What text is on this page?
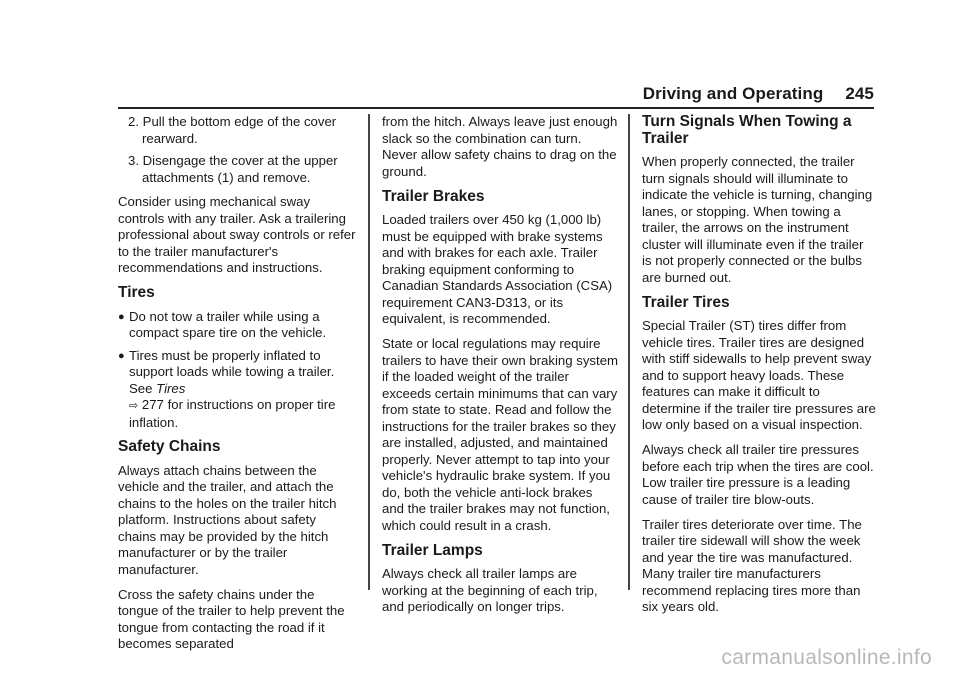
Driving and Operating 245
2. Pull the bottom edge of the cover rearward.
3. Disengage the cover at the upper attachments (1) and remove.

Consider using mechanical sway controls with any trailer. Ask a trailering professional about sway controls or refer to the trailer manufacturer's recommendations and instructions.

Tires
● Do not tow a trailer while using a compact spare tire on the vehicle.
● Tires must be properly inflated to support loads while towing a trailer. See Tires
⇨ 277 for instructions on proper tire inflation.
Safety Chains

Always attach chains between the vehicle and the trailer, and attach the chains to the holes on the trailer hitch platform. Instructions about safety chains may be provided by the hitch manufacturer or by the trailer manufacturer.

Cross the safety chains under the tongue of the trailer to help prevent the tongue from contacting the road if it becomes separated

from the hitch. Always leave just enough slack so the combination can turn. Never allow safety chains to drag on the ground.

Trailer Brakes

Loaded trailers over 450 kg (1,000 lb) must be equipped with brake systems and with brakes for each axle. Trailer braking equipment conforming to Canadian Standards Association (CSA) requirement CAN3-D313, or its equivalent, is recommended.

State or local regulations may require trailers to have their own braking system if the loaded weight of the trailer exceeds certain minimums that can vary from state to state. Read and follow the instructions for the trailer brakes so they are installed, adjusted, and maintained properly. Never attempt to tap into your vehicle's hydraulic brake system. If you do, both the vehicle anti-lock brakes and the trailer brakes may not function, which could result in a crash.

Trailer Lamps

Always check all trailer lamps are working at the beginning of each trip, and periodically on longer trips.

Turn Signals When Towing a Trailer

When properly connected, the trailer turn signals should will illuminate to indicate the vehicle is turning, changing lanes, or stopping. When towing a trailer, the arrows on the instrument cluster will illuminate even if the trailer is not properly connected or the bulbs are burned out.

Trailer Tires

Special Trailer (ST) tires differ from vehicle tires. Trailer tires are designed with stiff sidewalls to help prevent sway and to support heavy loads. These features can make it difficult to determine if the trailer tire pressures are low only based on a visual inspection.

Always check all trailer tire pressures before each trip when the tires are cool. Low trailer tire pressure is a leading cause of trailer tire blow-outs.

Trailer tires deteriorate over time. The trailer tire sidewall will show the week and year the tire was manufactured. Many trailer tire manufacturers recommend replacing tires more than six years old.

carmanualsonline.info
